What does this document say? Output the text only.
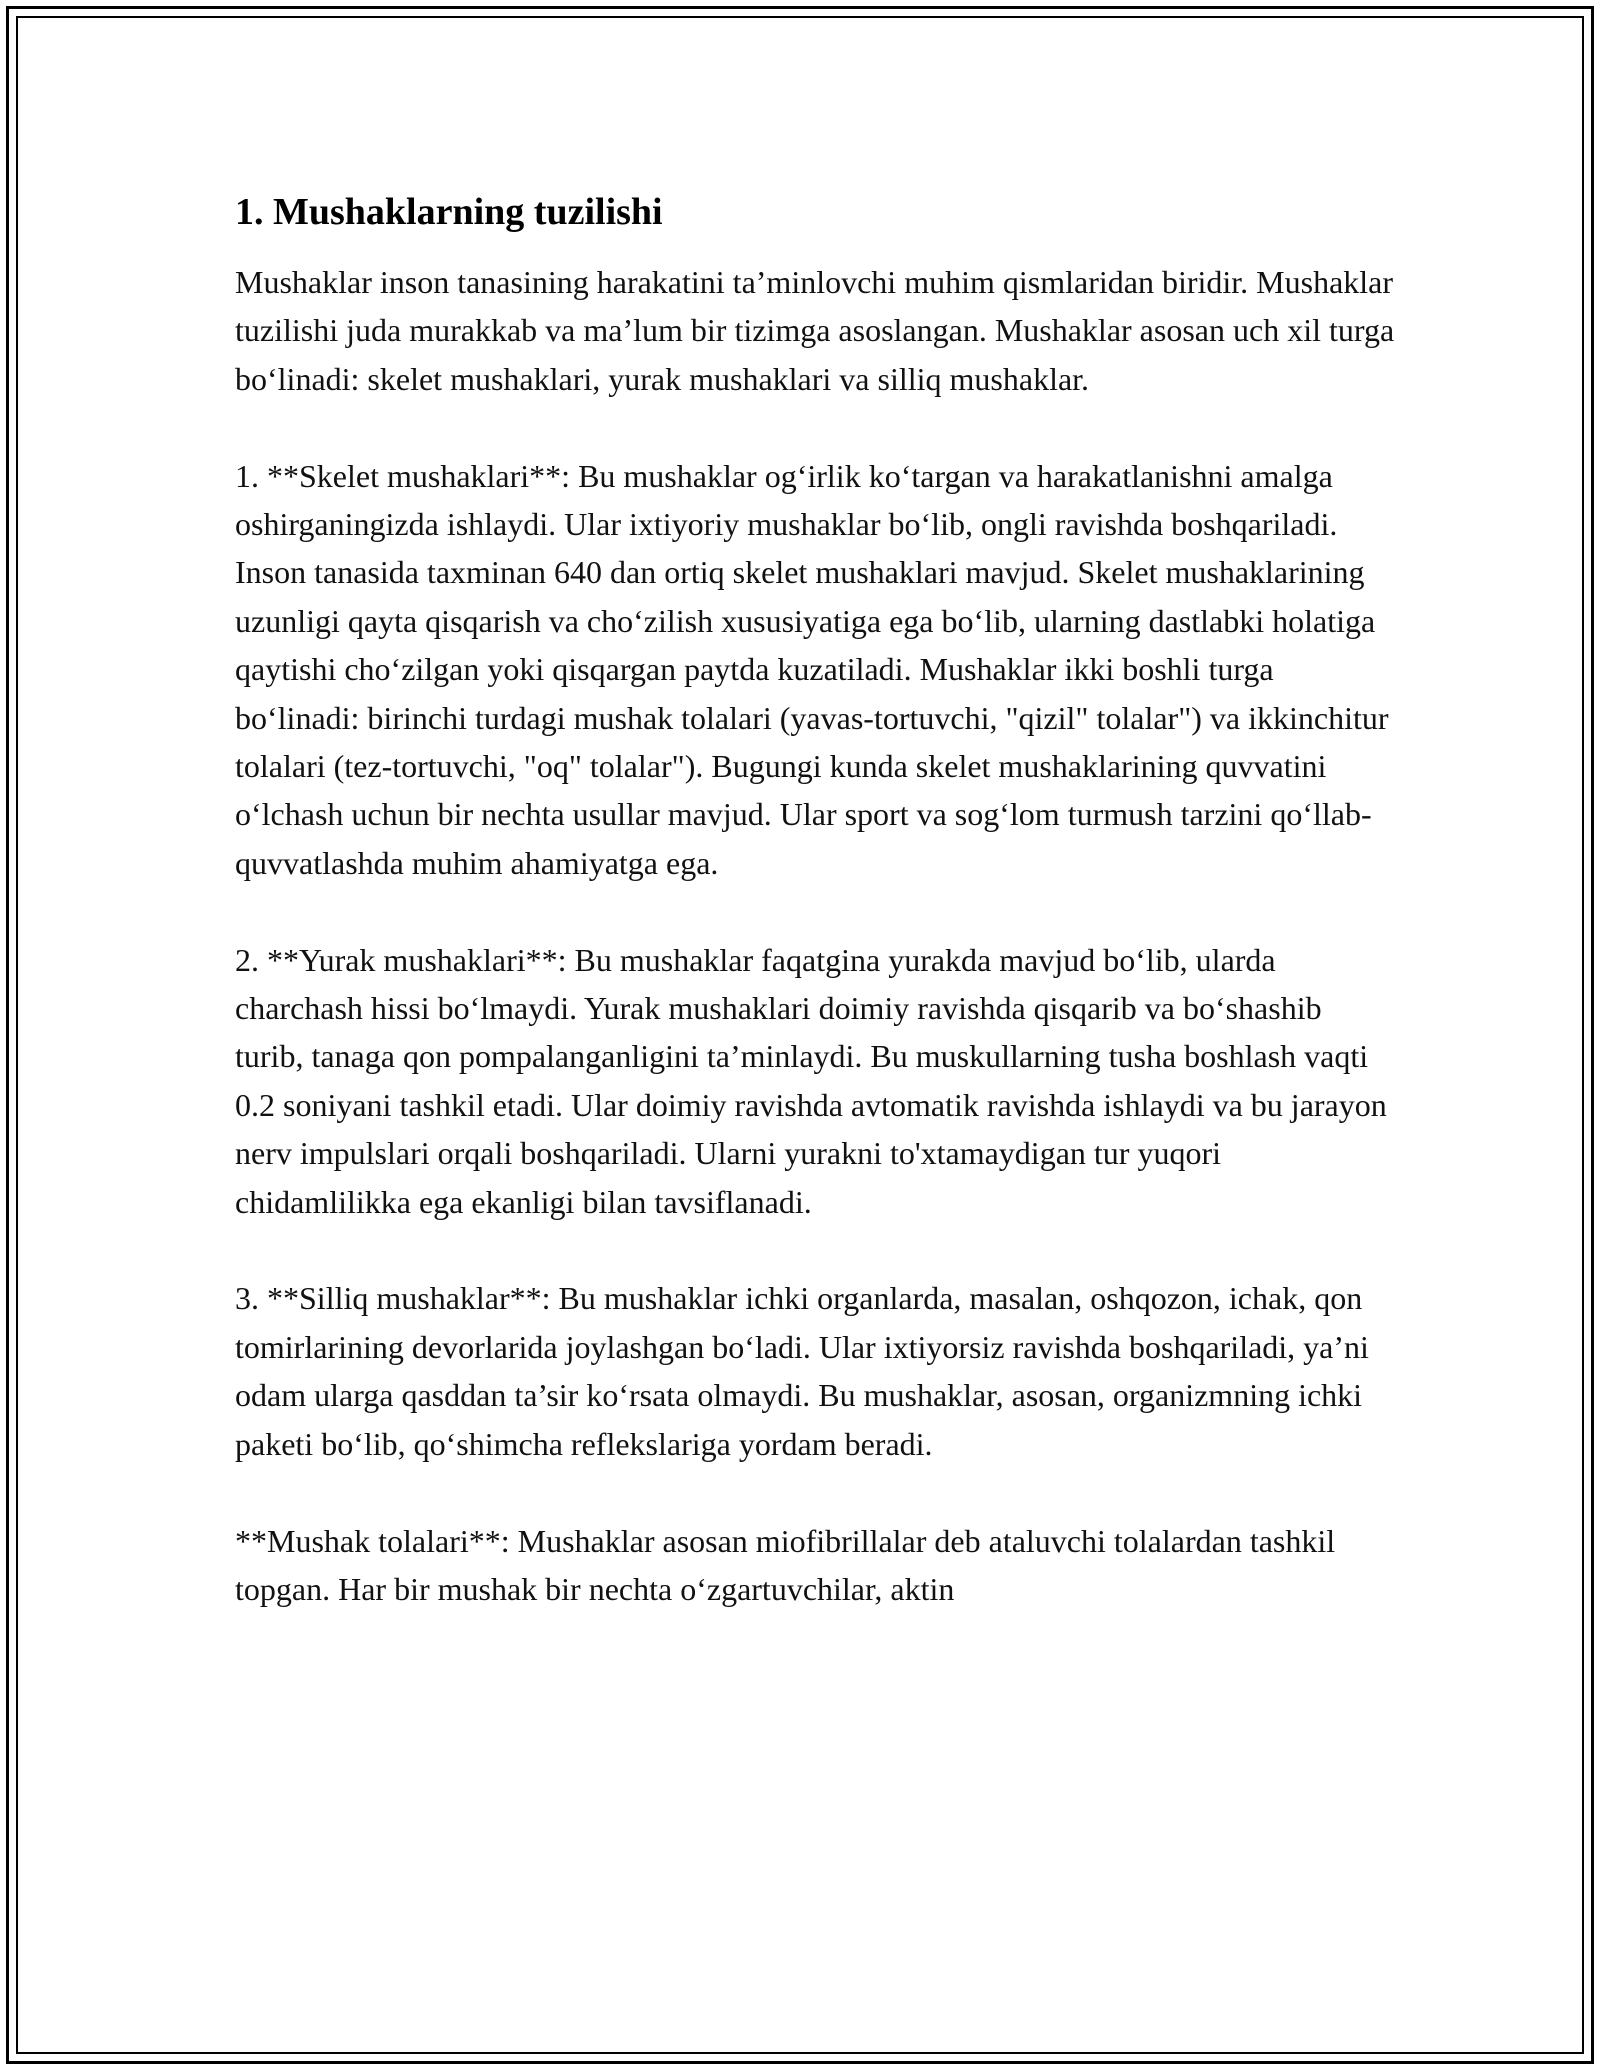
1. Mushaklarning tuzilishi

Mushaklar inson tanasining harakatini ta’minlovchi muhim qismlaridan biridir. Mushaklar tuzilishi juda murakkab va ma’lum bir tizimga asoslangan. Mushaklar asosan uch xil turga bo‘linadi: skelet mushaklari, yurak mushaklari va silliq mushaklar.

1. **Skelet mushaklari**: Bu mushaklar og‘irlik ko‘targan va harakatlanishni amalga oshirganingizda ishlaydi. Ular ixtiyoriy mushaklar bo‘lib, ongli ravishda boshqariladi. Inson tanasida taxminan 640 dan ortiq skelet mushaklari mavjud. Skelet mushaklarining uzunligi qayta qisqarish va cho‘zilish xususiyatiga ega bo‘lib, ularning dastlabki holatiga qaytishi cho‘zilgan yoki qisqargan paytda kuzatiladi. Mushaklar ikki boshli turga bo‘linadi: birinchi turdagi mushak tolalari (yavas-tortuvchi, "qizil" tolalar") va ikkinchitur tolalari (tez-tortuvchi, "oq" tolalar"). Bugungi kunda skelet mushaklarining quvvatini o‘lchash uchun bir nechta usullar mavjud. Ular sport va sog‘lom turmush tarzini qo‘llab-quvvatlashda muhim ahamiyatga ega.

2. **Yurak mushaklari**: Bu mushaklar faqatgina yurakda mavjud bo‘lib, ularda charchash hissi bo‘lmaydi. Yurak mushaklari doimiy ravishda qisqarib va bo‘shashib turib, tanaga qon pompalanganligini ta’minlaydi. Bu muskullarning tusha boshlash vaqti 0.2 soniyani tashkil etadi. Ular doimiy ravishda avtomatik ravishda ishlaydi va bu jarayon nerv impulslari orqali boshqariladi. Ularni yurakni to'xtamaydigan tur yuqori chidamlilikka ega ekanligi bilan tavsiflanadi.

3. **Silliq mushaklar**: Bu mushaklar ichki organlarda, masalan, oshqozon, ichak, qon tomirlarining devorlarida joylashgan bo‘ladi. Ular ixtiyorsiz ravishda boshqariladi, ya’ni odam ularga qasddan ta’sir ko‘rsata olmaydi. Bu mushaklar, asosan, organizmning ichki paketi bo‘lib, qo‘shimcha reflekslariga yordam beradi.

**Mushak tolalari**: Mushaklar asosan miofibrillalar deb ataluvchi tolalardan tashkil topgan. Har bir mushak bir nechta o‘zgartuvchilar, aktin
